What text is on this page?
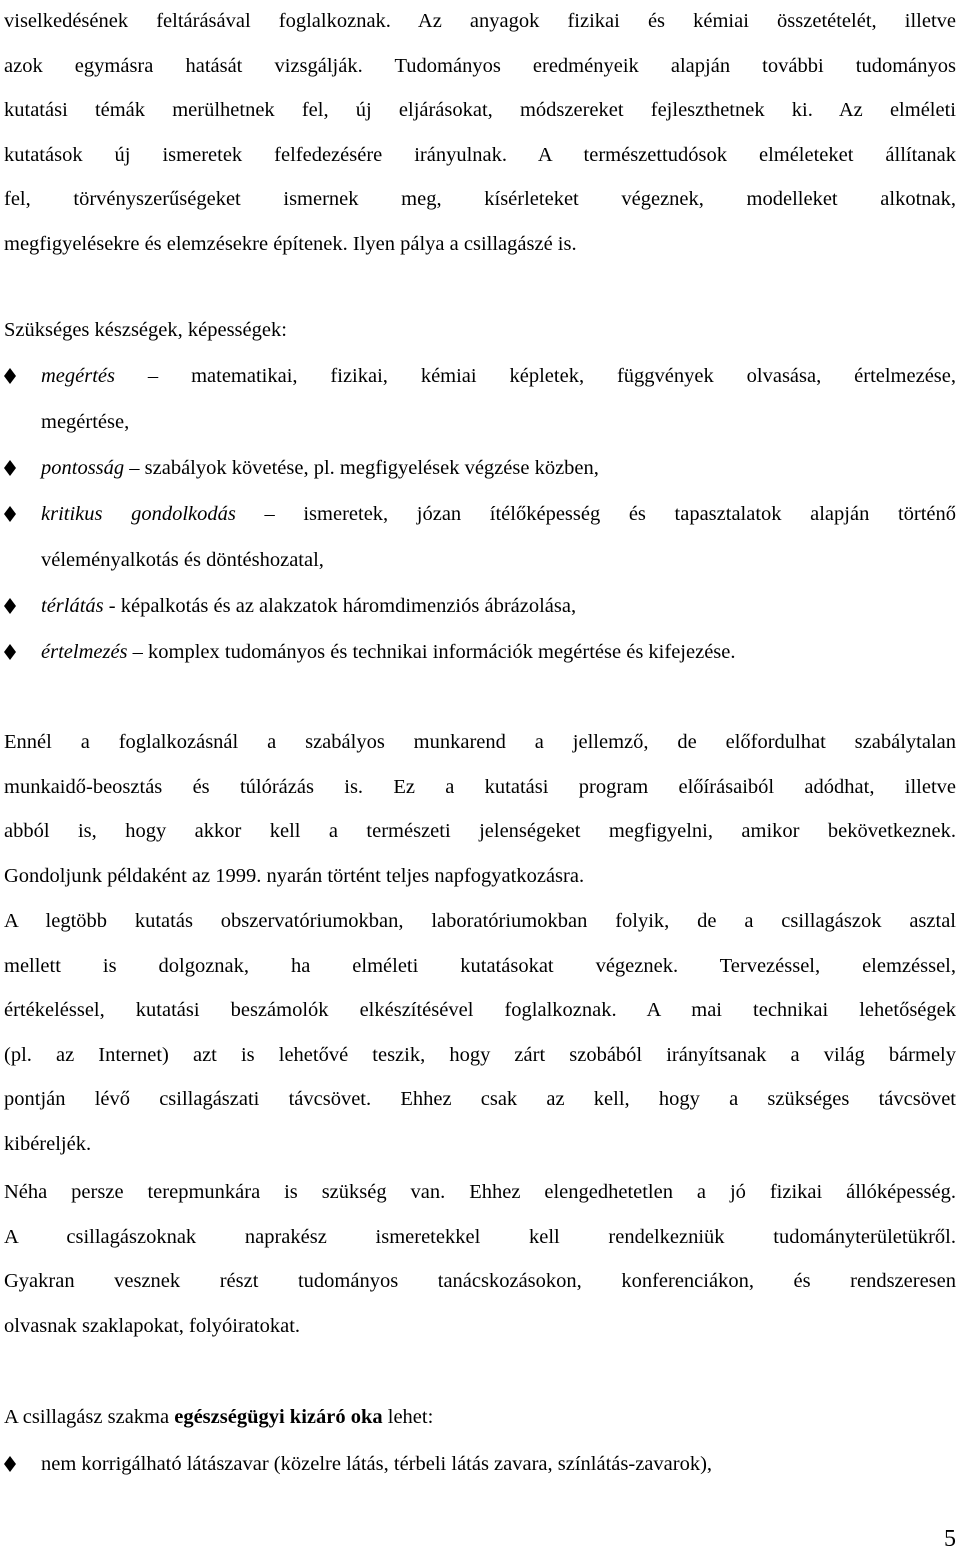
viselkedésének feltárásával foglalkoznak. Az anyagok fizikai és kémiai összetételét, illetve
azok egymásra hatását vizsgálják. Tudományos eredményeik alapján további tudományos
kutatási témák merülhetnek fel, új eljárásokat, módszereket fejleszthetnek ki. Az elméleti
kutatások új ismeretek felfedezésére irányulnak. A természettudósok elméleteket állítanak
fel, törvényszerűségeket ismernek meg, kísérleteket végeznek, modelleket alkotnak,
megfigyelésekre és elemzésekre építenek. Ilyen pálya a csillagászé is.
Szükséges készségek, képességek:
megértés – matematikai, fizikai, kémiai képletek, függvények olvasása, értelmezése,
megértése,
pontosság – szabályok követése, pl. megfigyelések végzése közben,
kritikus gondolkodás – ismeretek, józan ítélőképesség és tapasztalatok alapján történő
véleményalkotás és döntéshozatal,
térlátás - képalkotás és az alakzatok háromdimenziós ábrázolása,
értelmezés – komplex tudományos és technikai információk megértése és kifejezése.
Ennél a foglalkozásnál a szabályos munkarend a jellemző, de előfordulhat szabálytalan
munkaidő-beosztás és túlórázás is. Ez a kutatási program előírásaiból adódhat, illetve
abból is, hogy akkor kell a természeti jelenségeket megfigyelni, amikor bekövetkeznek.
Gondoljunk példaként az 1999. nyarán történt teljes napfogyatkozásra.
A legtöbb kutatás obszervatóriumokban, laboratóriumokban folyik, de a csillagászok asztal
mellett is dolgoznak, ha elméleti kutatásokat végeznek. Tervezéssel, elemzéssel,
értékeléssel, kutatási beszámolók elkészítésével foglalkoznak. A mai technikai lehetőségek
(pl. az Internet) azt is lehetővé teszik, hogy zárt szobából irányítsanak a világ bármely
pontján lévő csillagászati távcsövet. Ehhez csak az kell, hogy a szükséges távcsövet
kibéreljék.
Néha persze terepmunkára is szükség van. Ehhez elengedhetetlen a jó fizikai állóképesség.
A csillagászoknak naprakész ismeretekkel kell rendelkezniük tudományterületükről.
Gyakran vesznek részt tudományos tanácskozásokon, konferenciákon, és rendszeresen
olvasnak szaklapokat, folyóiratokat.
A csillagász szakma egészségügyi kizáró oka lehet:
nem korrigálható látászavar (közelre látás, térbeli látás zavara, színlátás-zavarok),
5
